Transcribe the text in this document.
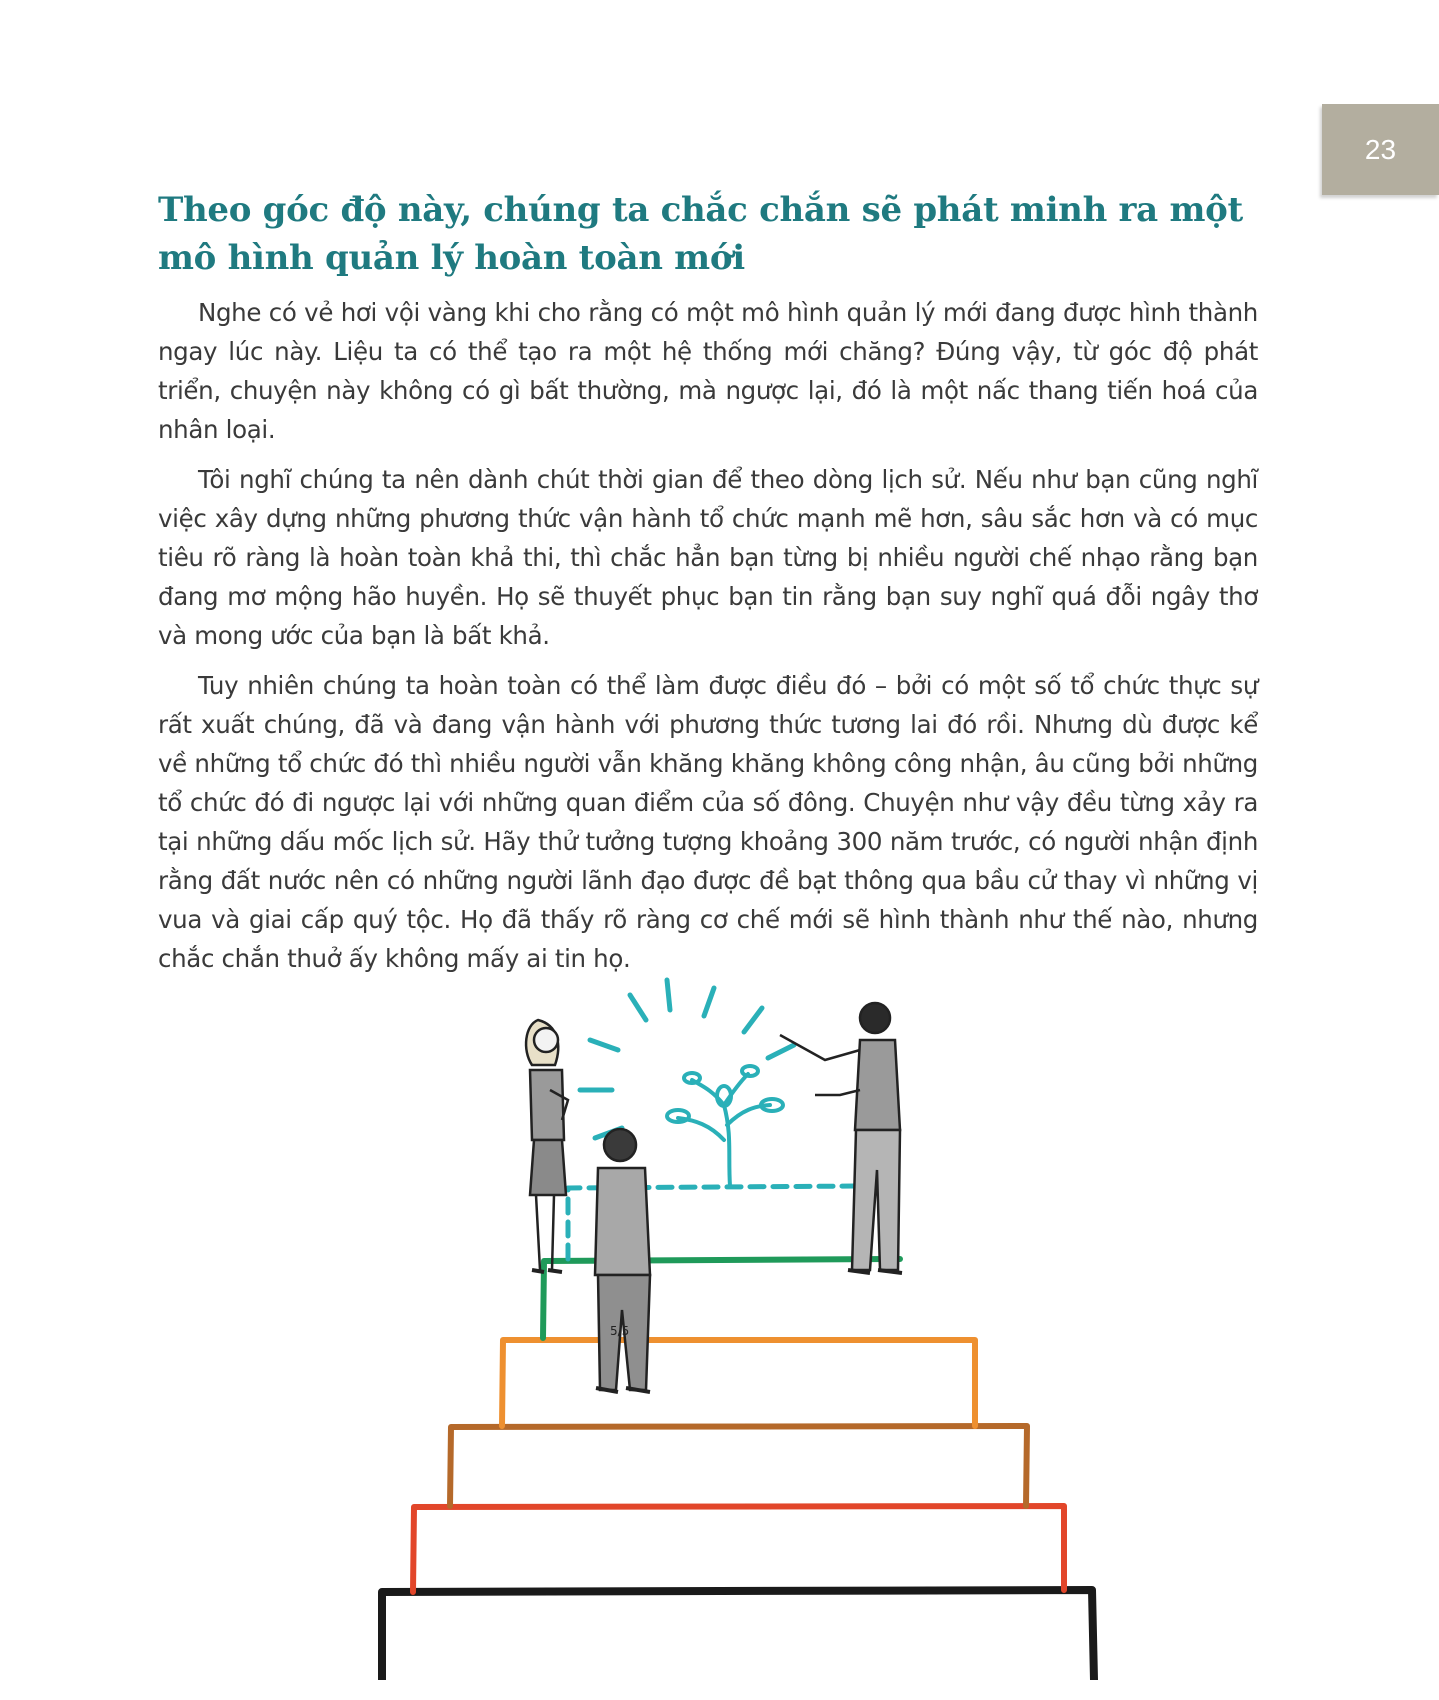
23
Theo góc độ này, chúng ta chắc chắn sẽ phát minh ra một mô hình quản lý hoàn toàn mới

Nghe có vẻ hơi vội vàng khi cho rằng có một mô hình quản lý mới đang được hình thành ngay lúc này. Liệu ta có thể tạo ra một hệ thống mới chăng? Đúng vậy, từ góc độ phát triển, chuyện này không có gì bất thường, mà ngược lại, đó là một nấc thang tiến hoá của nhân loại.

Tôi nghĩ chúng ta nên dành chút thời gian để theo dòng lịch sử. Nếu như bạn cũng nghĩ việc xây dựng những phương thức vận hành tổ chức mạnh mẽ hơn, sâu sắc hơn và có mục tiêu rõ ràng là hoàn toàn khả thi, thì chắc hẳn bạn từng bị nhiều người chế nhạo rằng bạn đang mơ mộng hão huyền. Họ sẽ thuyết phục bạn tin rằng bạn suy nghĩ quá đỗi ngây thơ và mong ước của bạn là bất khả.

Tuy nhiên chúng ta hoàn toàn có thể làm được điều đó – bởi có một số tổ chức thực sự rất xuất chúng, đã và đang vận hành với phương thức tương lai đó rồi. Nhưng dù được kể về những tổ chức đó thì nhiều người vẫn khăng khăng không công nhận, âu cũng bởi những tổ chức đó đi ngược lại với những quan điểm của số đông. Chuyện như vậy đều từng xảy ra tại những dấu mốc lịch sử. Hãy thử tưởng tượng khoảng 300 năm trước, có người nhận định rằng đất nước nên có những người lãnh đạo được đề bạt thông qua bầu cử thay vì những vị vua và giai cấp quý tộc. Họ đã thấy rõ ràng cơ chế mới sẽ hình thành như thế nào, nhưng chắc chắn thuở ấy không mấy ai tin họ.

5/5
